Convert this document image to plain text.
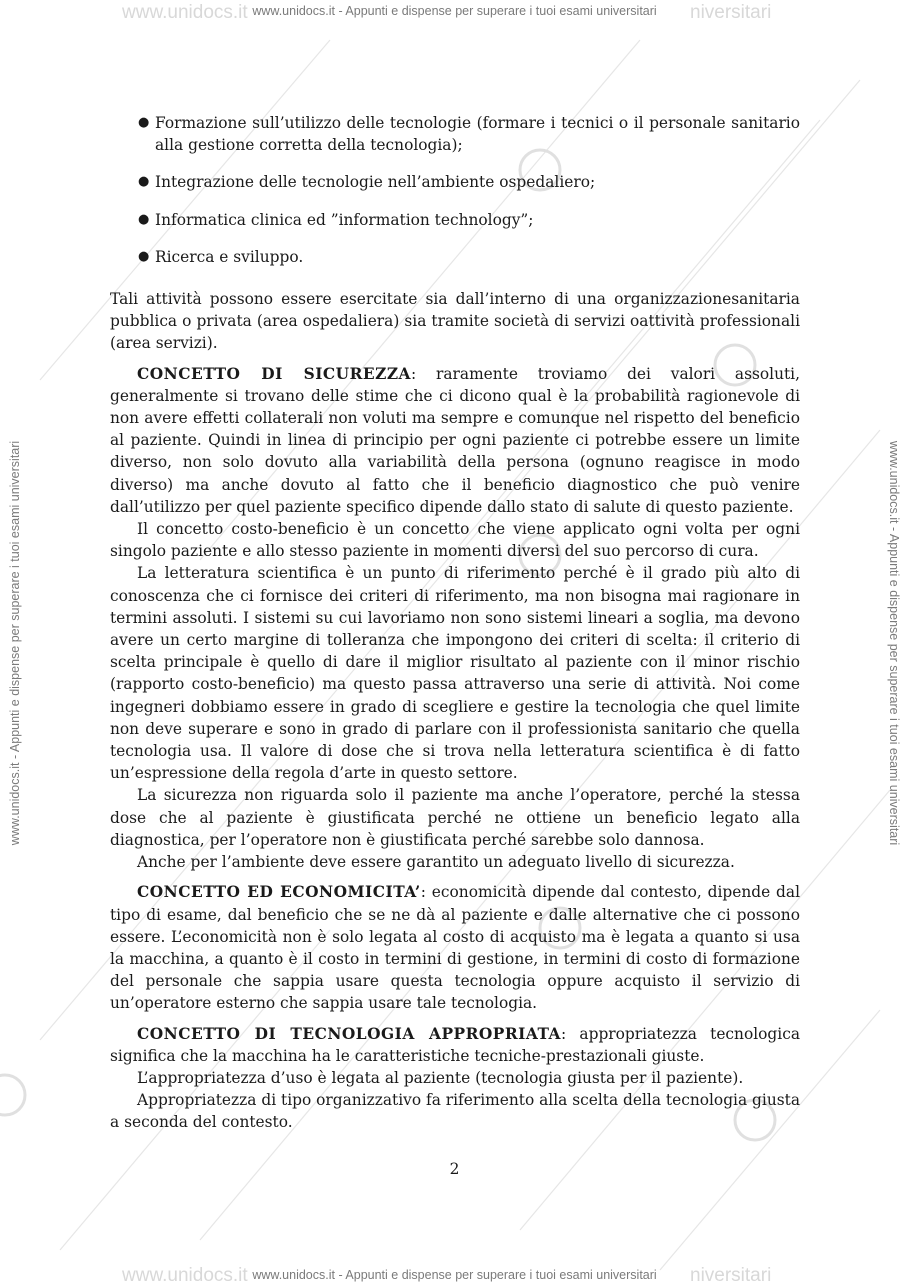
www.unidocs.it	niversitari
www.unidocs.it - Appunti e dispense per superare i tuoi esami universitari
www.unidocs.it - Appunti e dispense per superare i tuoi esami universitari	www.unidocs.it - Appunti e dispense per superare i tuoi esami universitari
● Formazione sull’utilizzo delle tecnologie (formare i tecnici o il personale sanitario alla gestione corretta della tecnologia);
● Integrazione delle tecnologie nell’ambiente ospedaliero;
● Informatica clinica ed ”information technology”;
● Ricerca e sviluppo.

Tali attività possono essere esercitate sia dall’interno di una organizzazionesanitaria pubblica o privata (area ospedaliera) sia tramite società di servizi oattività professionali (area servizi).

CONCETTO DI SICUREZZA: raramente troviamo dei valori assoluti, generalmente si trovano delle stime che ci dicono qual è la probabilità ragionevole di non avere effetti collaterali non voluti ma sempre e comunque nel rispetto del beneficio al paziente. Quindi in linea di principio per ogni paziente ci potrebbe essere un limite diverso, non solo dovuto alla variabilità della persona (ognuno reagisce in modo diverso) ma anche dovuto al fatto che il beneficio diagnostico che può venire dall’utilizzo per quel paziente specifico dipende dallo stato di salute di questo paziente.

Il concetto costo-beneficio è un concetto che viene applicato ogni volta per ogni singolo paziente e allo stesso paziente in momenti diversi del suo percorso di cura.

La letteratura scientifica è un punto di riferimento perché è il grado più alto di conoscenza che ci fornisce dei criteri di riferimento, ma non bisogna mai ragionare in termini assoluti. I sistemi su cui lavoriamo non sono sistemi lineari a soglia, ma devono avere un certo margine di tolleranza che impongono dei criteri di scelta: il criterio di scelta principale è quello di dare il miglior risultato al paziente con il minor rischio (rapporto costo-beneficio) ma questo passa attraverso una serie di attività. Noi come ingegneri dobbiamo essere in grado di scegliere e gestire la tecnologia che quel limite non deve superare e sono in grado di parlare con il professionista sanitario che quella tecnologia usa. Il valore di dose che si trova nella letteratura scientifica è di fatto un’espressione della regola d’arte in questo settore.

La sicurezza non riguarda solo il paziente ma anche l’operatore, perché la stessa dose che al paziente è giustificata perché ne ottiene un beneficio legato alla diagnostica, per l’operatore non è giustificata perché sarebbe solo dannosa.

Anche per l’ambiente deve essere garantito un adeguato livello di sicurezza.

CONCETTO ED ECONOMICITA’: economicità dipende dal contesto, dipende dal tipo di esame, dal beneficio che se ne dà al paziente e dalle alternative che ci possono essere. L’economicità non è solo legata al costo di acquisto ma è legata a quanto si usa la macchina, a quanto è il costo in termini di gestione, in termini di costo di formazione del personale che sappia usare questa tecnologia oppure acquisto il servizio di un’operatore esterno che sappia usare tale tecnologia.

CONCETTO DI TECNOLOGIA APPROPRIATA: appropriatezza tecnologica significa che la macchina ha le caratteristiche tecniche-prestazionali giuste.

L’appropriatezza d’uso è legata al paziente (tecnologia giusta per il paziente).

Appropriatezza di tipo organizzativo fa riferimento alla scelta della tecnologia giusta a seconda del contesto.

2
www.unidocs.it	niversitari
www.unidocs.it - Appunti e dispense per superare i tuoi esami universitari
